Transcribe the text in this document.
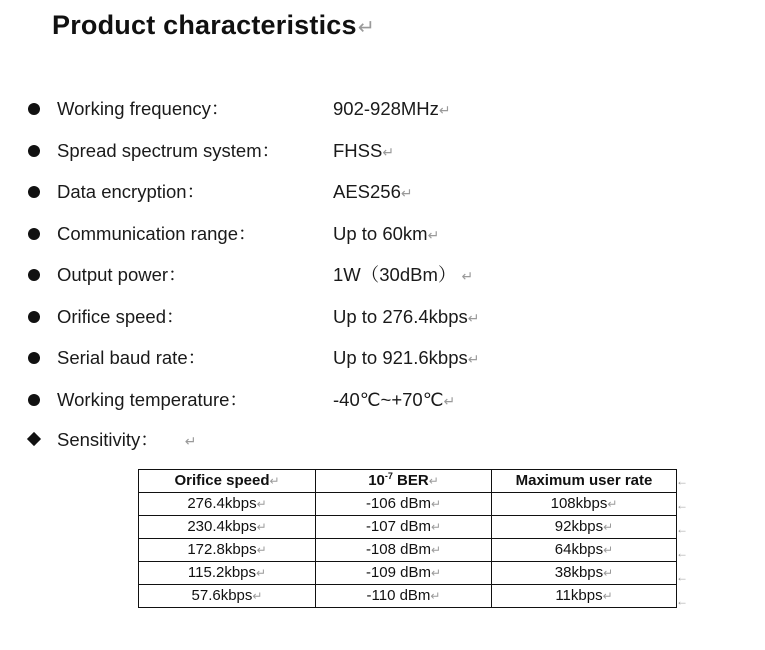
Product characteristics↵
Working frequency：	902-928MHz↵
Spread spectrum system：	FHSS↵
Data encryption：	AES256↵
Communication range：	Up to 60km↵
Output power：	1W（30dBm） ↵
Orifice speed：	Up to 276.4kbps↵
Serial baud rate：	Up to 921.6kbps↵
Working temperature：	-40℃~+70℃↵
Sensitivity： ↵
Orifice speed↵	$10^{-7}$ BER↵	Maximum user rate
276.4kbps↵	-106 dBm↵	108kbps↵
230.4kbps↵	-107 dBm↵	92kbps↵
172.8kbps↵	-108 dBm↵	64kbps↵
115.2kbps↵	-109 dBm↵	38kbps↵
57.6kbps↵	-110 dBm↵	11kbps↵
←
←
←
←
←
←
